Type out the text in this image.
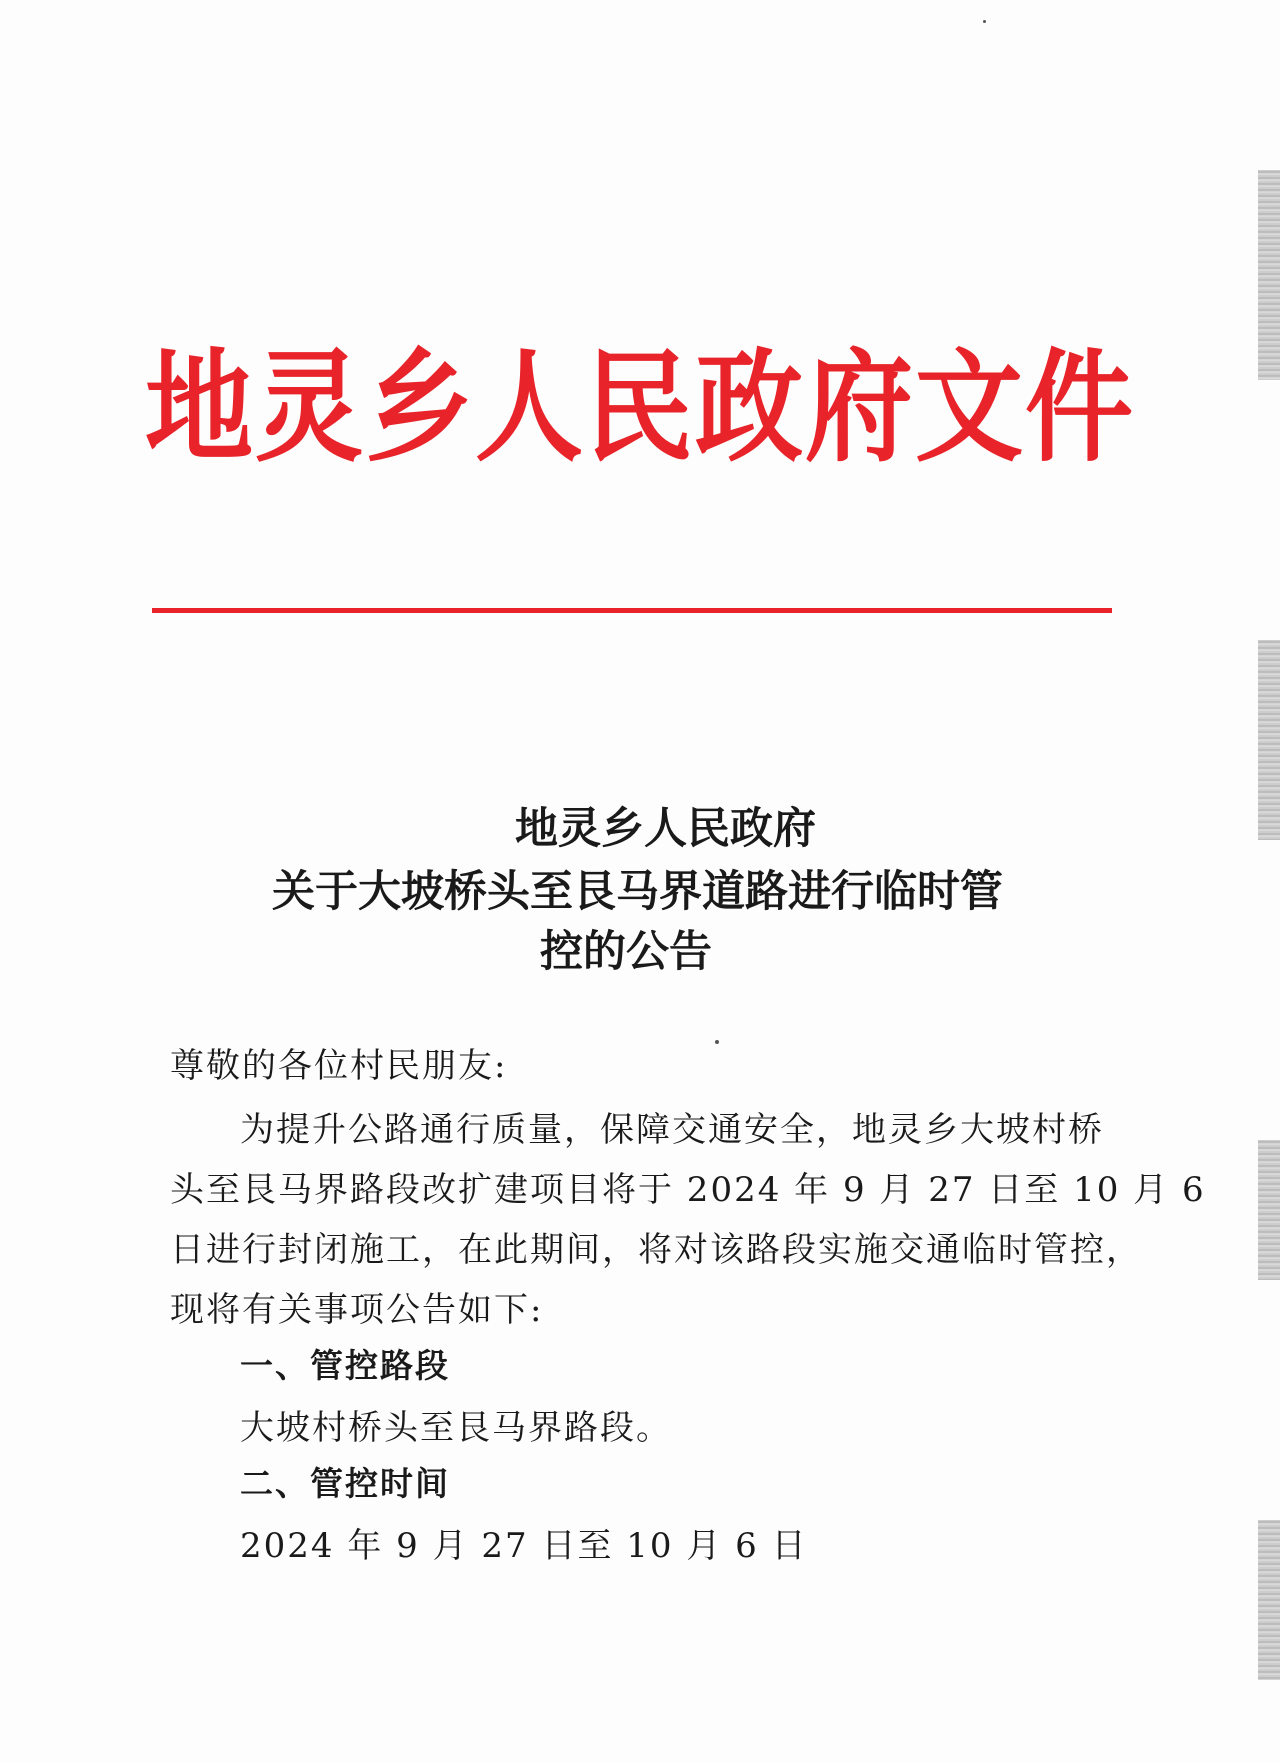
地灵乡人民政府文件
地灵乡人民政府
关于大坡桥头至艮马界道路进行临时管
控的公告
尊敬的各位村民朋友:
为提升公路通行质量，保障交通安全，地灵乡大坡村桥
头至艮马界路段改扩建项目将于 2024 年 9 月 27 日至 10 月 6
日进行封闭施工，在此期间，将对该路段实施交通临时管控，
现将有关事项公告如下:
一、管控路段
大坡村桥头至艮马界路段。
二、管控时间
2024 年 9 月 27 日至 10 月 6 日
